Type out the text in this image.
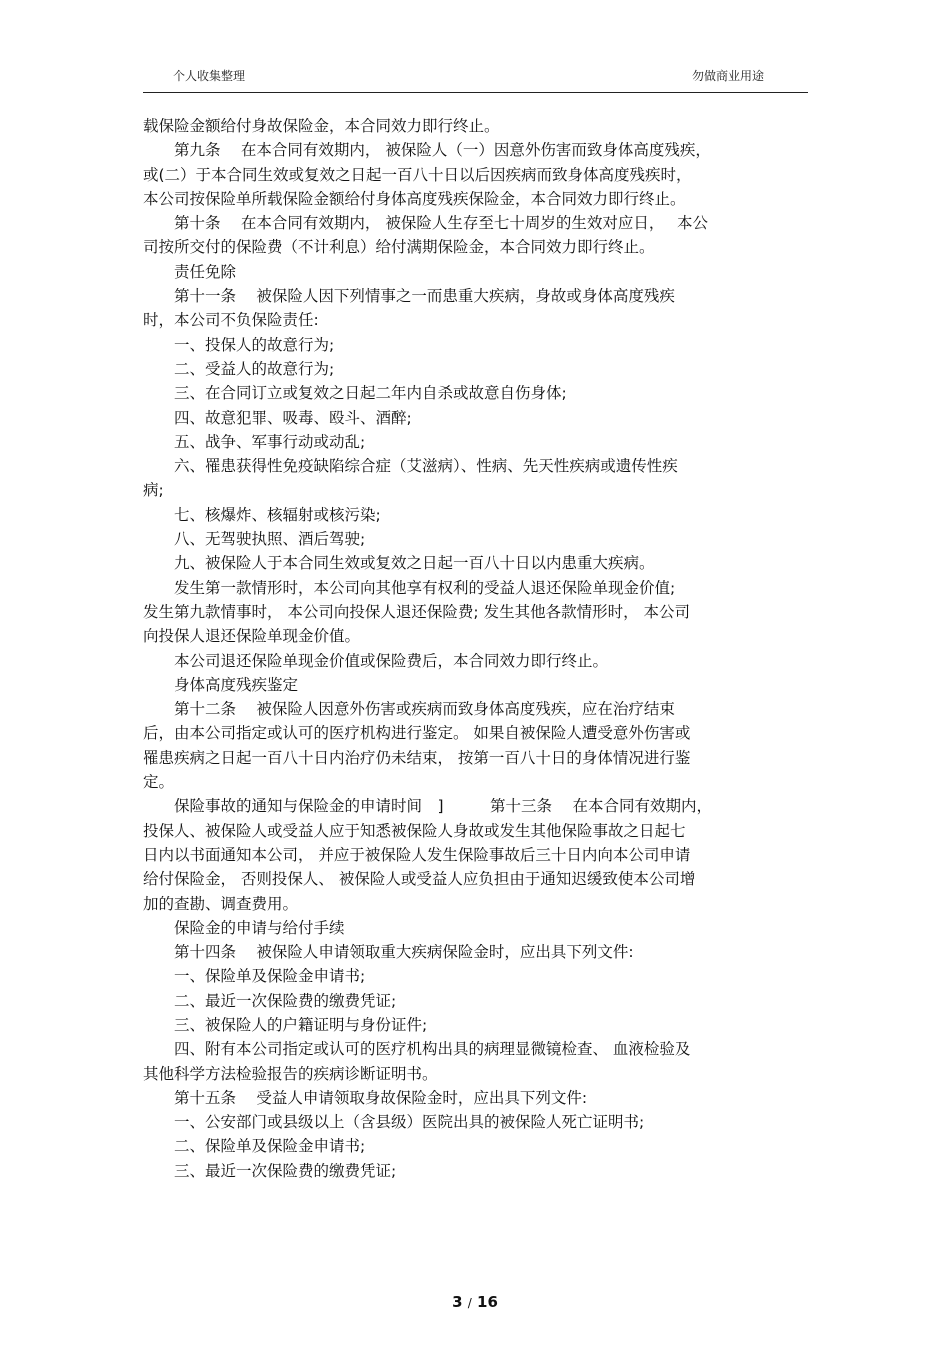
个人收集整理	勿做商业用途
载保险金额给付身故保险金，本合同效力即行终止。
　　第九条　 在本合同有效期内， 被保险人（一）因意外伤害而致身体高度残疾，
或(二）于本合同生效或复效之日起一百八十日以后因疾病而致身体高度残疾时，
本公司按保险单所载保险金额给付身体高度残疾保险金，本合同效力即行终止。
　　第十条　 在本合同有效期内， 被保险人生存至七十周岁的生效对应日，　 本公
司按所交付的保险费（不计利息）给付满期保险金，本合同效力即行终止。
　　责任免除
　　第十一条　 被保险人因下列情事之一而患重大疾病，身故或身体高度残疾
时，本公司不负保险责任:
　　一、投保人的故意行为;
　　二、受益人的故意行为;
　　三、在合同订立或复效之日起二年内自杀或故意自伤身体;
　　四、故意犯罪、吸毒、殴斗、酒醉;
　　五、战争、军事行动或动乱;
　　六、罹患获得性免疫缺陷综合症（艾滋病）、性病、先天性疾病或遗传性疾
病;
　　七、核爆炸、核辐射或核污染;
　　八、无驾驶执照、酒后驾驶;
　　九、被保险人于本合同生效或复效之日起一百八十日以内患重大疾病。
　　发生第一款情形时，本公司向其他享有权利的受益人退还保险单现金价值;
发生第九款情事时， 本公司向投保人退还保险费; 发生其他各款情形时， 本公司
向投保人退还保险单现金价值。
　　本公司退还保险单现金价值或保险费后，本合同效力即行终止。
　　身体高度残疾鉴定
　　第十二条　 被保险人因意外伤害或疾病而致身体高度残疾，应在治疗结束
后，由本公司指定或认可的医疗机构进行鉴定。 如果自被保险人遭受意外伤害或
罹患疾病之日起一百八十日内治疗仍未结束， 按第一百八十日的身体情况进行鉴
定。
　　保险事故的通知与保险金的申请时间　]　　　第十三条　 在本合同有效期内，
投保人、被保险人或受益人应于知悉被保险人身故或发生其他保险事故之日起七
日内以书面通知本公司， 并应于被保险人发生保险事故后三十日内向本公司申请
给付保险金， 否则投保人、 被保险人或受益人应负担由于通知迟缓致使本公司增
加的查勘、调查费用。
　　保险金的申请与给付手续
　　第十四条　 被保险人申请领取重大疾病保险金时，应出具下列文件:
　　一、保险单及保险金申请书;
　　二、最近一次保险费的缴费凭证;
　　三、被保险人的户籍证明与身份证件;
　　四、附有本公司指定或认可的医疗机构出具的病理显微镜检查、 血液检验及
其他科学方法检验报告的疾病诊断证明书。
　　第十五条　 受益人申请领取身故保险金时，应出具下列文件:
　　一、公安部门或县级以上（含县级）医院出具的被保险人死亡证明书;
　　二、保险单及保险金申请书;
　　三、最近一次保险费的缴费凭证;
3 / 16
